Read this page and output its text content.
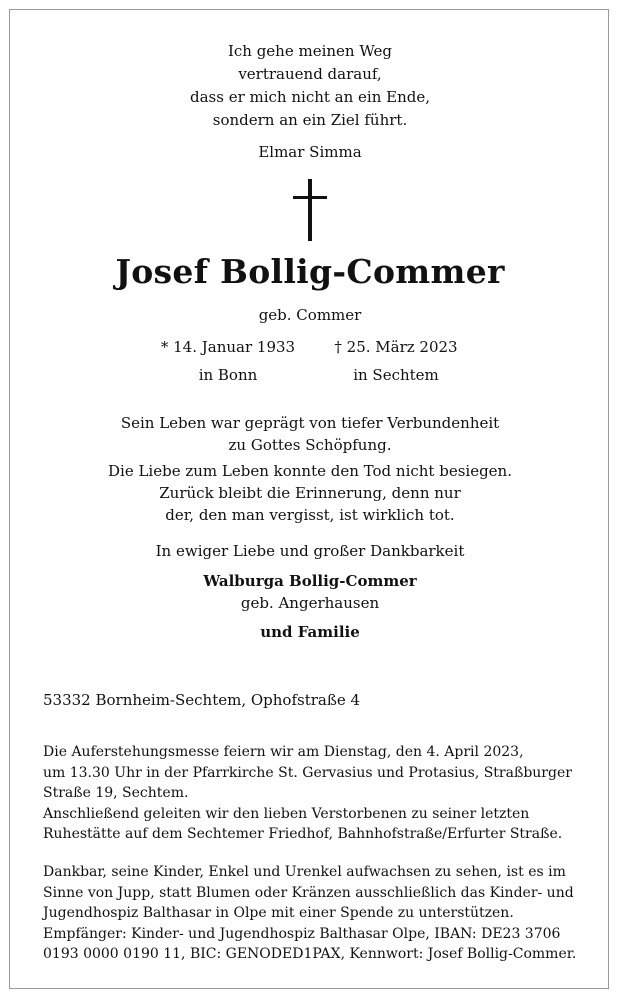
Ich gehe meinen Weg
vertrauend darauf,
dass er mich nicht an ein Ende,
sondern an ein Ziel führt.
Elmar Simma
Josef Bollig-Commer
geb. Commer
* 14. Januar 1933
in Bonn
† 25. März 2023
in Sechtem
Sein Leben war geprägt von tiefer Verbundenheit
zu Gottes Schöpfung.
Die Liebe zum Leben konnte den Tod nicht besiegen.
Zurück bleibt die Erinnerung, denn nur
der, den man vergisst, ist wirklich tot.
In ewiger Liebe und großer Dankbarkeit
Walburga Bollig-Commer
geb. Angerhausen
und Familie
53332 Bornheim-Sechtem, Ophofstraße 4
Die Auferstehungsmesse feiern wir am Dienstag, den 4. April 2023,
um 13.30 Uhr in der Pfarrkirche St. Gervasius und Protasius, Straßburger
Straße 19, Sechtem.
Anschließend geleiten wir den lieben Verstorbenen zu seiner letzten
Ruhestätte auf dem Sechtemer Friedhof, Bahnhofstraße/Erfurter Straße.
Dankbar, seine Kinder, Enkel und Urenkel aufwachsen zu sehen, ist es im
Sinne von Jupp, statt Blumen oder Kränzen ausschließlich das Kinder- und
Jugendhospiz Balthasar in Olpe mit einer Spende zu unterstützen.
Empfänger: Kinder- und Jugendhospiz Balthasar Olpe, IBAN: DE23 3706
0193 0000 0190 11, BIC: GENODED1PAX, Kennwort: Josef Bollig-Commer.
